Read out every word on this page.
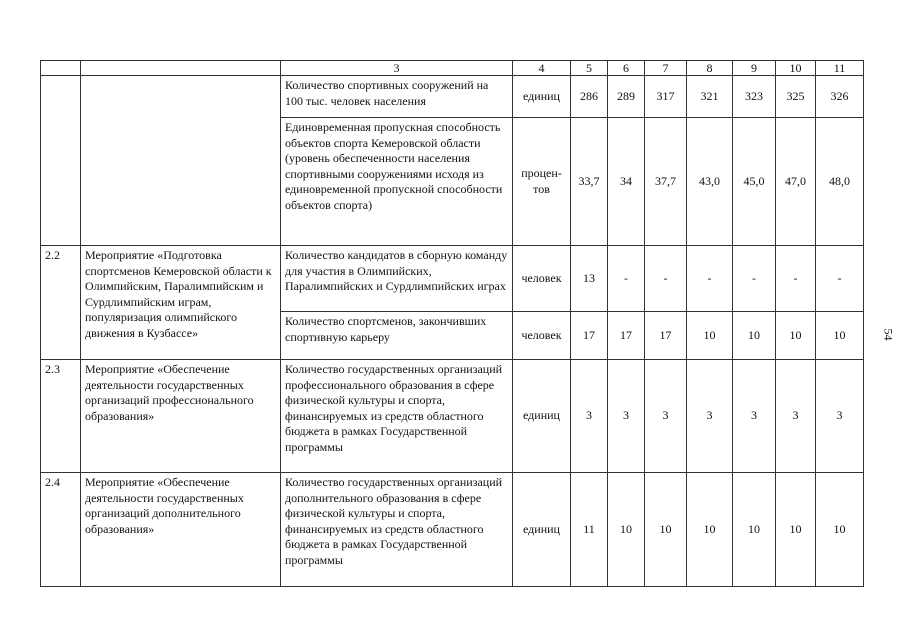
		3	4	5	6	7	8	9	10	11
		Количество спортивных сооружений на 100 тыс. человек населения	единиц	286	289	317	321	323	325	326
		Единовременная пропускная способность объектов спорта Кемеровской области (уровень обеспеченности населения спортивными сооружениями исходя из единовременной пропускной способности объектов спорта)	процен-тов	33,7	34	37,7	43,0	45,0	47,0	48,0
2.2	Мероприятие «Подготовка спортсменов Кемеровской области к Олимпийским, Паралимпийским и Сурдлимпийским играм, популяризация олимпийского движения в Кузбассе»	Количество кандидатов в сборную команду для участия в Олимпийских, Паралимпийских и Сурдлимпийских играх	человек	13	-	-	-	-	-	-
		Количество спортсменов, закончивших спортивную карьеру	человек	17	17	17	10	10	10	10
2.3	Мероприятие «Обеспечение деятельности государственных организаций профессионального образования»	Количество государственных организаций профессионального образования в сфере физической культуры и спорта, финансируемых из средств областного бюджета в рамках Государственной программы	единиц	3	3	3	3	3	3	3
2.4	Мероприятие «Обеспечение деятельности государственных организаций дополнительного образования»	Количество государственных организаций дополнительного образования в сфере физической культуры и спорта, финансируемых из средств областного бюджета в рамках Государственной программы	единиц	11	10	10	10	10	10	10
54
